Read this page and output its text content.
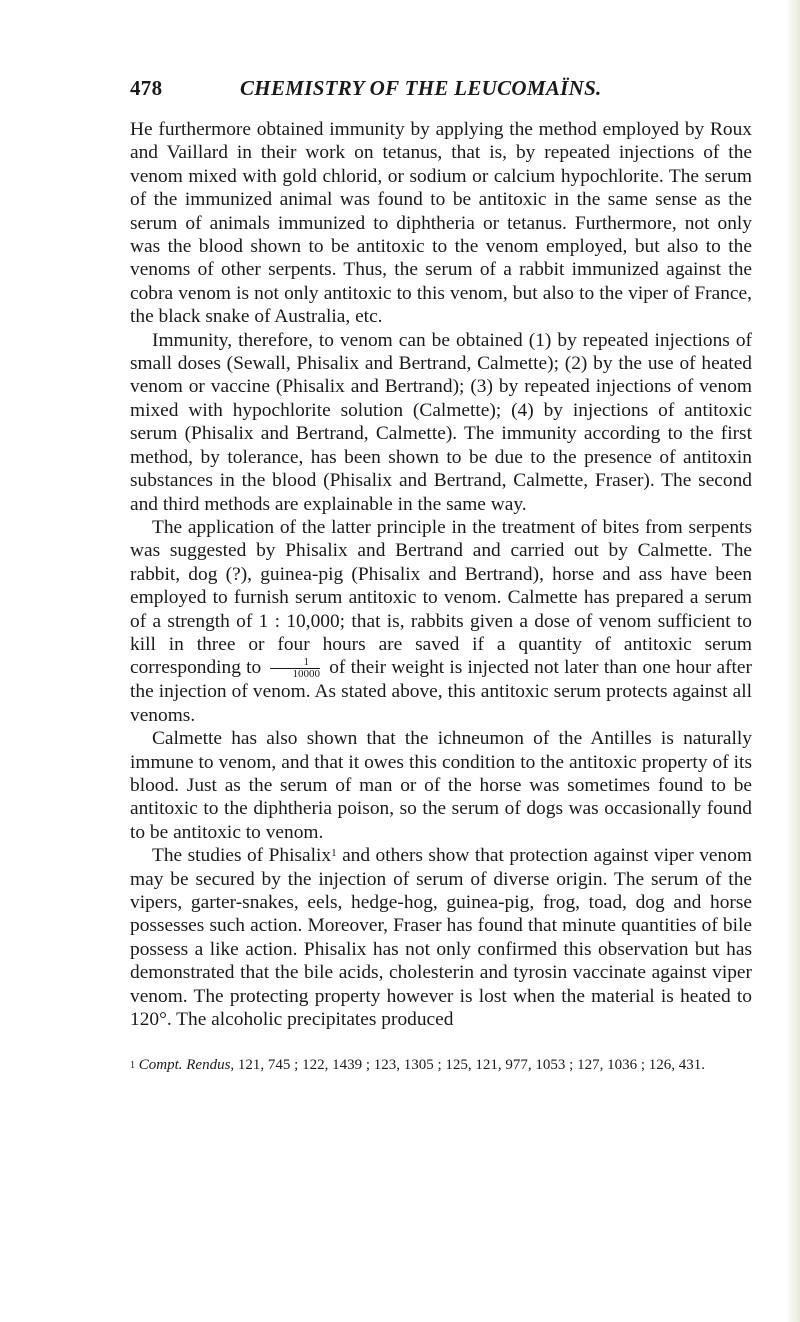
478	CHEMISTRY OF THE LEUCOMAÏNS.

He furthermore obtained immunity by applying the method employed by Roux and Vaillard in their work on tetanus, that is, by repeated injections of the venom mixed with gold chlorid, or sodium or calcium hypochlorite. The serum of the immunized animal was found to be antitoxic in the same sense as the serum of animals immunized to diphtheria or tetanus. Furthermore, not only was the blood shown to be antitoxic to the venom employed, but also to the venoms of other serpents. Thus, the serum of a rabbit immunized against the cobra venom is not only antitoxic to this venom, but also to the viper of France, the black snake of Australia, etc.

Immunity, therefore, to venom can be obtained (1) by repeated injections of small doses (Sewall, Phisalix and Bertrand, Calmette); (2) by the use of heated venom or vaccine (Phisalix and Bertrand); (3) by repeated injections of venom mixed with hypochlorite solution (Calmette); (4) by injections of antitoxic serum (Phisalix and Bertrand, Calmette). The immunity according to the first method, by tolerance, has been shown to be due to the presence of antitoxin substances in the blood (Phisalix and Bertrand, Calmette, Fraser). The second and third methods are explainable in the same way.

The application of the latter principle in the treatment of bites from serpents was suggested by Phisalix and Bertrand and carried out by Calmette. The rabbit, dog (?), guinea-pig (Phisalix and Bertrand), horse and ass have been employed to furnish serum antitoxic to venom. Calmette has prepared a serum of a strength of 1 : 10,000; that is, rabbits given a dose of venom sufficient to kill in three or four hours are saved if a quantity of antitoxic serum corresponding to $\frac{1}{10000}$ of their weight is injected not later than one hour after the injection of venom. As stated above, this antitoxic serum protects against all venoms.

Calmette has also shown that the ichneumon of the Antilles is naturally immune to venom, and that it owes this condition to the antitoxic property of its blood. Just as the serum of man or of the horse was sometimes found to be antitoxic to the diphtheria poison, so the serum of dogs was occasionally found to be antitoxic to venom.

The studies of Phisalix$^1$ and others show that protection against viper venom may be secured by the injection of serum of diverse origin. The serum of the vipers, garter-snakes, eels, hedge-hog, guinea-pig, frog, toad, dog and horse possesses such action. Moreover, Fraser has found that minute quantities of bile possess a like action. Phisalix has not only confirmed this observation but has demonstrated that the bile acids, cholesterin and tyrosin vaccinate against viper venom. The protecting property however is lost when the material is heated to 120°. The alcoholic precipitates produced

$^1$ Compt. Rendus, 121, 745 ; 122, 1439 ; 123, 1305 ; 125, 121, 977, 1053 ; 127, 1036 ; 126, 431.
